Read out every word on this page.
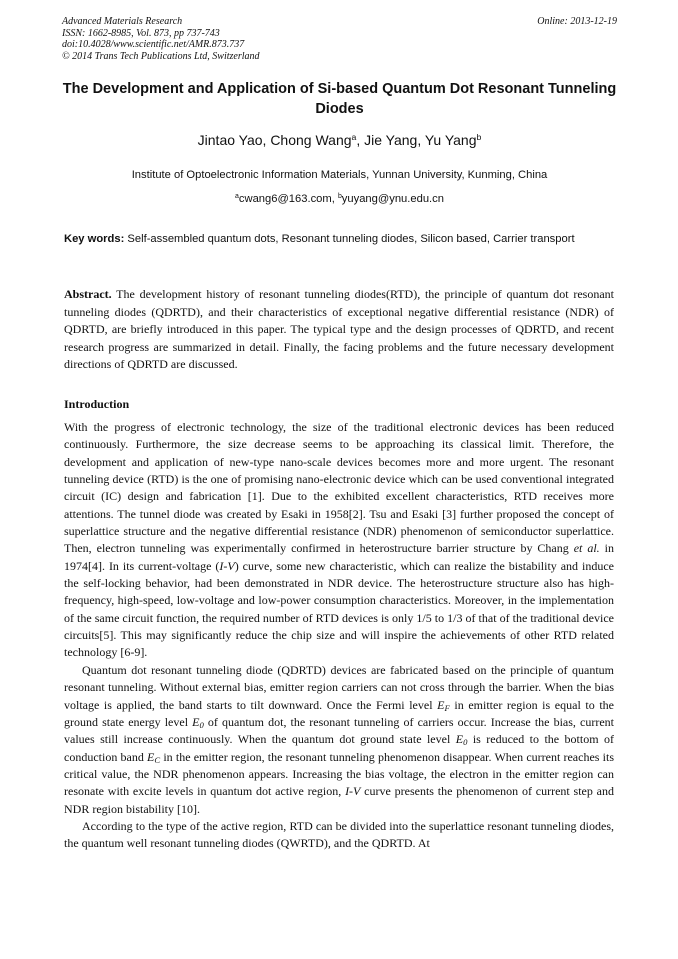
Advanced Materials Research
ISSN: 1662-8985, Vol. 873, pp 737-743
doi:10.4028/www.scientific.net/AMR.873.737
© 2014 Trans Tech Publications Ltd, Switzerland
Online: 2013-12-19
The Development and Application of Si-based Quantum Dot Resonant Tunneling Diodes
Jintao Yao, Chong Wang$^a$, Jie Yang, Yu Yang$^b$
Institute of Optoelectronic Information Materials, Yunnan University, Kunming, China
$^a$cwang6@163.com, $^b$yuyang@ynu.edu.cn
Key words: Self-assembled quantum dots, Resonant tunneling diodes, Silicon based, Carrier transport
Abstract. The development history of resonant tunneling diodes(RTD), the principle of quantum dot resonant tunneling diodes (QDRTD), and their characteristics of exceptional negative differential resistance (NDR) of QDRTD, are briefly introduced in this paper. The typical type and the design processes of QDRTD, and recent research progress are summarized in detail. Finally, the facing problems and the future necessary development directions of QDRTD are discussed.
Introduction

With the progress of electronic technology, the size of the traditional electronic devices has been reduced continuously. Furthermore, the size decrease seems to be approaching its classical limit. Therefore, the development and application of new-type nano-scale devices becomes more and more urgent. The resonant tunneling device (RTD) is the one of promising nano-electronic device which can be used conventional integrated circuit (IC) design and fabrication [1]. Due to the exhibited excellent characteristics, RTD receives more attentions. The tunnel diode was created by Esaki in 1958[2]. Tsu and Esaki [3] further proposed the concept of superlattice structure and the negative differential resistance (NDR) phenomenon of semiconductor superlattice. Then, electron tunneling was experimentally confirmed in heterostructure barrier structure by Chang et al. in 1974[4]. In its current-voltage (I-V) curve, some new characteristic, which can realize the bistability and induce the self-locking behavior, had been demonstrated in NDR device. The heterostructure structure also has high-frequency, high-speed, low-voltage and low-power consumption characteristics. Moreover, in the implementation of the same circuit function, the required number of RTD devices is only 1/5 to 1/3 of that of the traditional device circuits[5]. This may significantly reduce the chip size and will inspire the achievements of other RTD related technology [6-9].

Quantum dot resonant tunneling diode (QDRTD) devices are fabricated based on the principle of quantum resonant tunneling. Without external bias, emitter region carriers can not cross through the barrier. When the bias voltage is applied, the band starts to tilt downward. Once the Fermi level $E_F$ in emitter region is equal to the ground state energy level $E_0$ of quantum dot, the resonant tunneling of carriers occur. Increase the bias, current values still increase continuously. When the quantum dot ground state level $E_0$ is reduced to the bottom of conduction band $E_C$ in the emitter region, the resonant tunneling phenomenon disappear. When current reaches its critical value, the NDR phenomenon appears. Increasing the bias voltage, the electron in the emitter region can resonate with excite levels in quantum dot active region, I-V curve presents the phenomenon of current step and NDR region bistability [10].

According to the type of the active region, RTD can be divided into the superlattice resonant tunneling diodes, the quantum well resonant tunneling diodes (QWRTD), and the QDRTD. At
